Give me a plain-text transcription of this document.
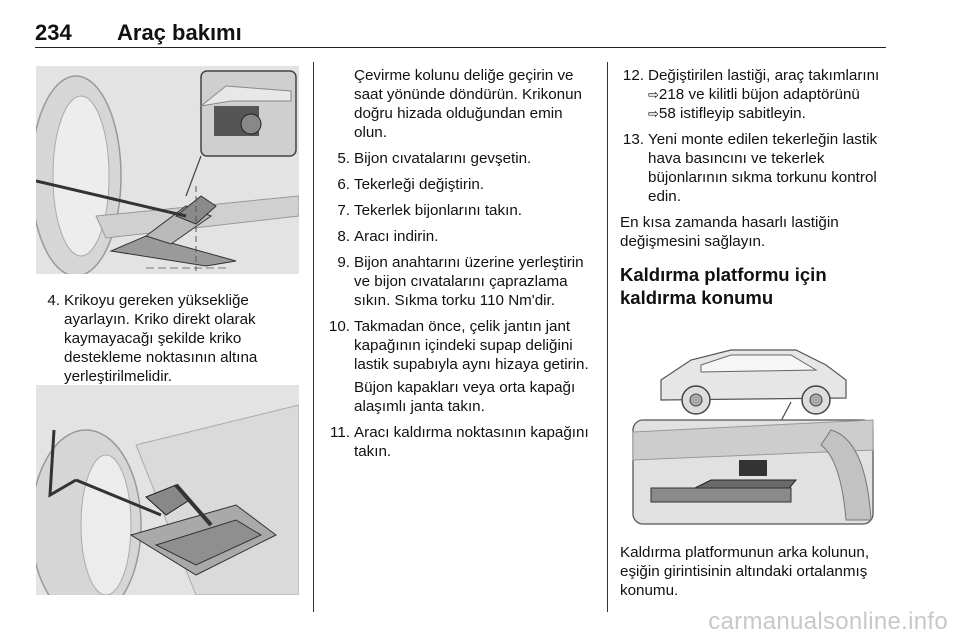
234 Araç bakımı
4. Krikoyu gereken yüksekliğe ayarlayın. Kriko direkt olarak kaymayacağı şekilde kriko destekleme noktasının altına yerleştirilmelidir.
Çevirme kolunu deliğe geçirin ve saat yönünde döndürün. Krikonun doğru hizada olduğundan emin olun.
5. Bijon cıvatalarını gevşetin.
6. Tekerleği değiştirin.
7. Tekerlek bijonlarını takın.
8. Aracı indirin.
9. Bijon anahtarını üzerine yerleştirin ve bijon cıvatalarını çaprazlama sıkın. Sıkma torku 110 Nm'dir.
10. Takmadan önce, çelik jantın jant kapağının içindeki supap deliğini lastik supabıyla aynı hizaya getirin.
Büjon kapakları veya orta kapağı alaşımlı janta takın.
11. Aracı kaldırma noktasının kapağını takın.
12. Değiştirilen lastiği, araç takımlarını ⇨218 ve kilitli büjon adaptörünü ⇨58 istifleyip sabitleyin.
13. Yeni monte edilen tekerleğin lastik hava basıncını ve tekerlek büjonlarının sıkma torkunu kontrol edin.
En kısa zamanda hasarlı lastiğin değişmesini sağlayın.
Kaldırma platformu için kaldırma konumu
Kaldırma platformunun arka kolunun, eşiğin girintisinin altındaki ortalanmış konumu.
carmanualsonline.info
